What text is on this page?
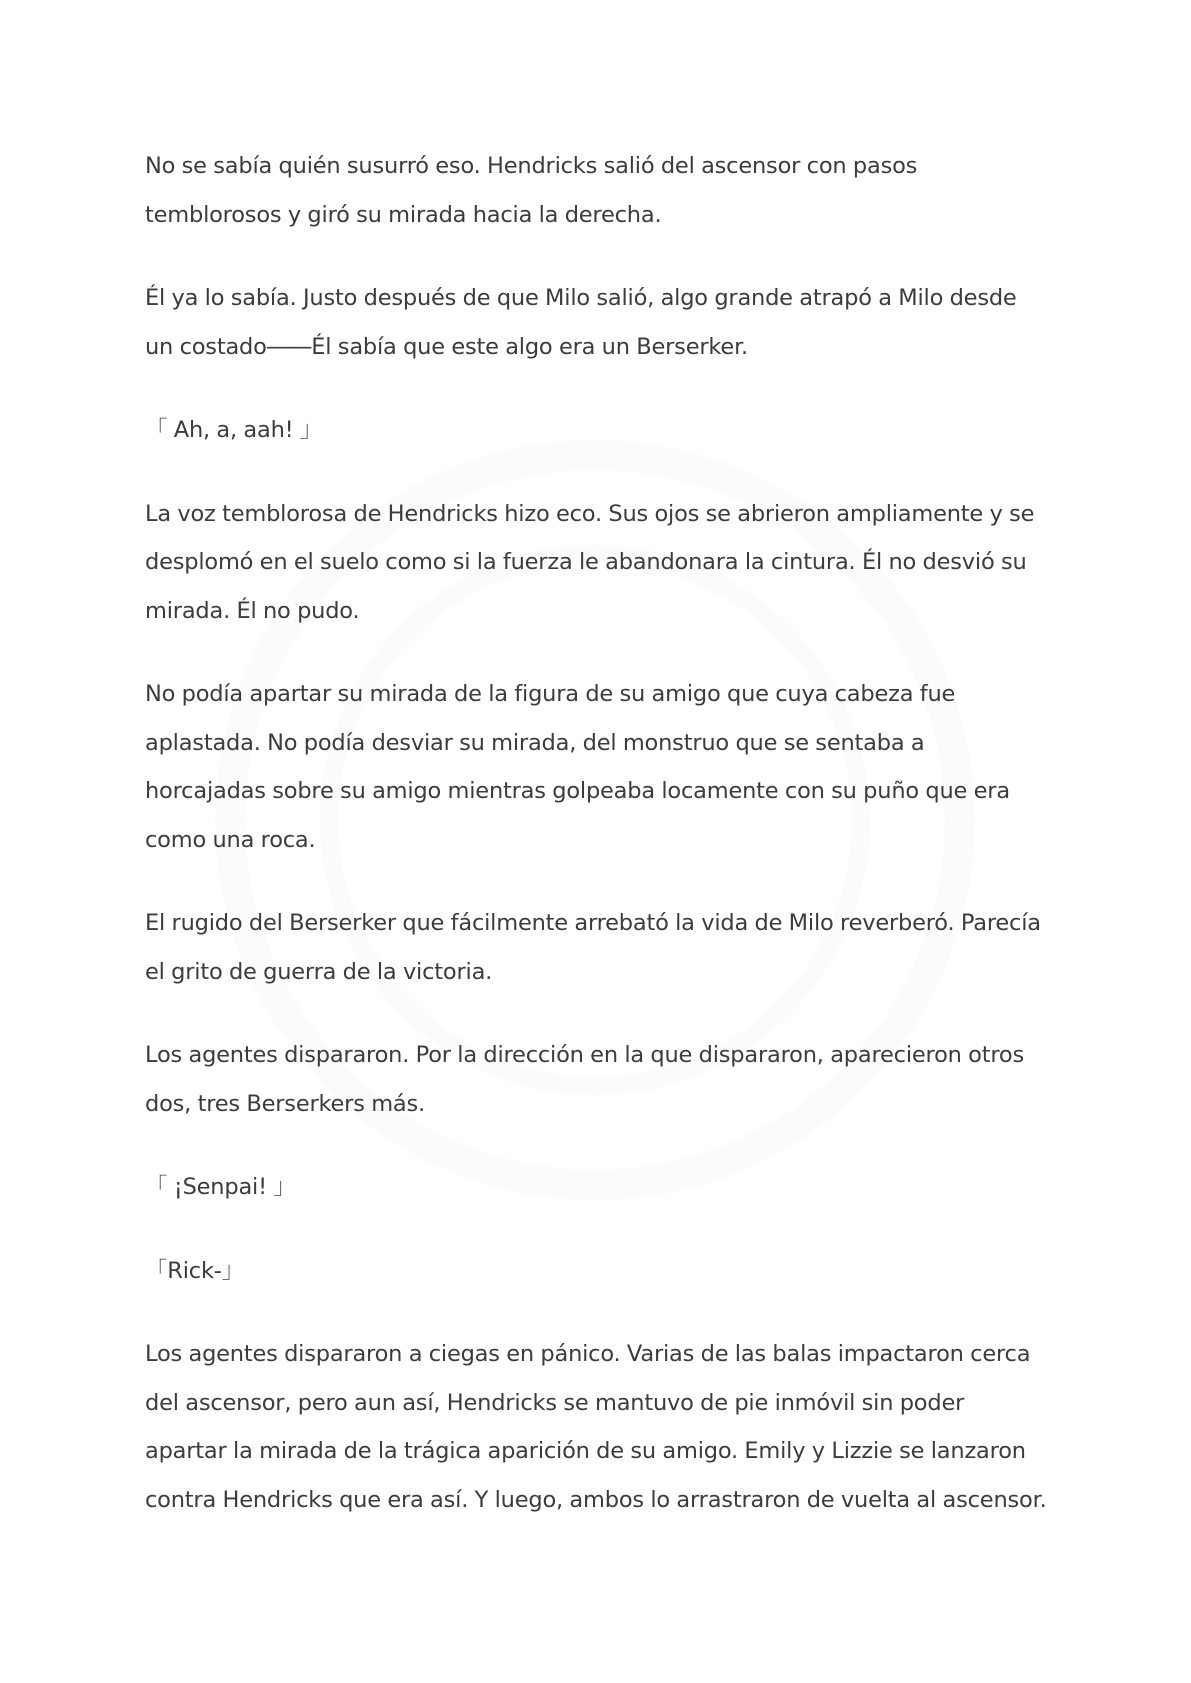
No se sabía quién susurró eso. Hendricks salió del ascensor con pasos temblorosos y giró su mirada hacia la derecha.

Él ya lo sabía. Justo después de que Milo salió, algo grande atrapó a Milo desde un costado――Él sabía que este algo era un Berserker.

「 Ah, a, aah! 」

La voz temblorosa de Hendricks hizo eco. Sus ojos se abrieron ampliamente y se desplomó en el suelo como si la fuerza le abandonara la cintura. Él no desvió su mirada. Él no pudo.

No podía apartar su mirada de la figura de su amigo que cuya cabeza fue aplastada. No podía desviar su mirada, del monstruo que se sentaba a horcajadas sobre su amigo mientras golpeaba locamente con su puño que era como una roca.

El rugido del Berserker que fácilmente arrebató la vida de Milo reverberó. Parecía el grito de guerra de la victoria.

Los agentes dispararon. Por la dirección en la que dispararon, aparecieron otros dos, tres Berserkers más.

「 ¡Senpai! 」

「Rick-」

Los agentes dispararon a ciegas en pánico. Varias de las balas impactaron cerca del ascensor, pero aun así, Hendricks se mantuvo de pie inmóvil sin poder apartar la mirada de la trágica aparición de su amigo. Emily y Lizzie se lanzaron contra Hendricks que era así. Y luego, ambos lo arrastraron de vuelta al ascensor.
